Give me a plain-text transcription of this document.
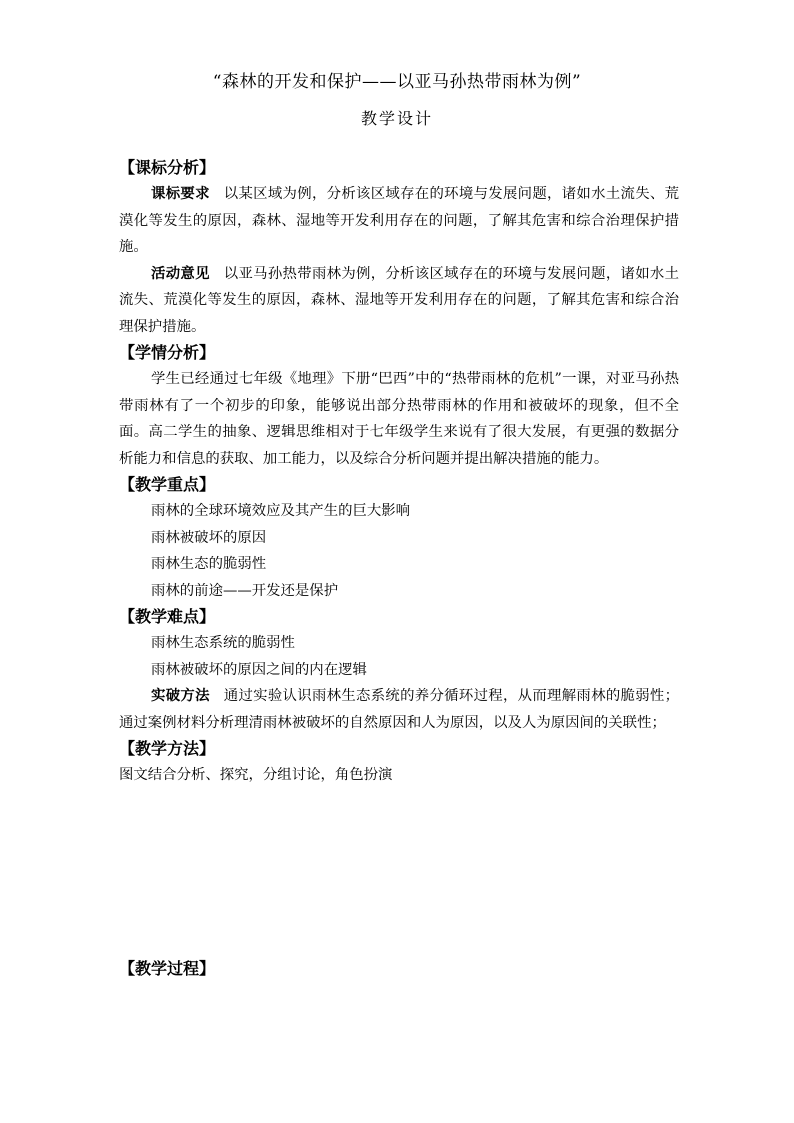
“森林的开发和保护——以亚马孙热带雨林为例”
教学设计
【课标分析】

课标要求 以某区域为例，分析该区域存在的环境与发展问题，诸如水土流失、荒漠化等发生的原因，森林、湿地等开发利用存在的问题，了解其危害和综合治理保护措施。

活动意见 以亚马孙热带雨林为例，分析该区域存在的环境与发展问题，诸如水土流失、荒漠化等发生的原因，森林、湿地等开发利用存在的问题，了解其危害和综合治理保护措施。

【学情分析】

学生已经通过七年级《地理》下册“巴西”中的“热带雨林的危机”一课，对亚马孙热带雨林有了一个初步的印象，能够说出部分热带雨林的作用和被破坏的现象，但不全面。高二学生的抽象、逻辑思维相对于七年级学生来说有了很大发展，有更强的数据分析能力和信息的获取、加工能力，以及综合分析问题并提出解决措施的能力。

【教学重点】

雨林的全球环境效应及其产生的巨大影响

雨林被破坏的原因

雨林生态的脆弱性

雨林的前途——开发还是保护

【教学难点】

雨林生态系统的脆弱性

雨林被破坏的原因之间的内在逻辑

实破方法 通过实验认识雨林生态系统的养分循环过程，从而理解雨林的脆弱性；通过案例材料分析理清雨林被破坏的自然原因和人为原因，以及人为原因间的关联性；

【教学方法】

图文结合分析、探究，分组讨论，角色扮演

【教学过程】
